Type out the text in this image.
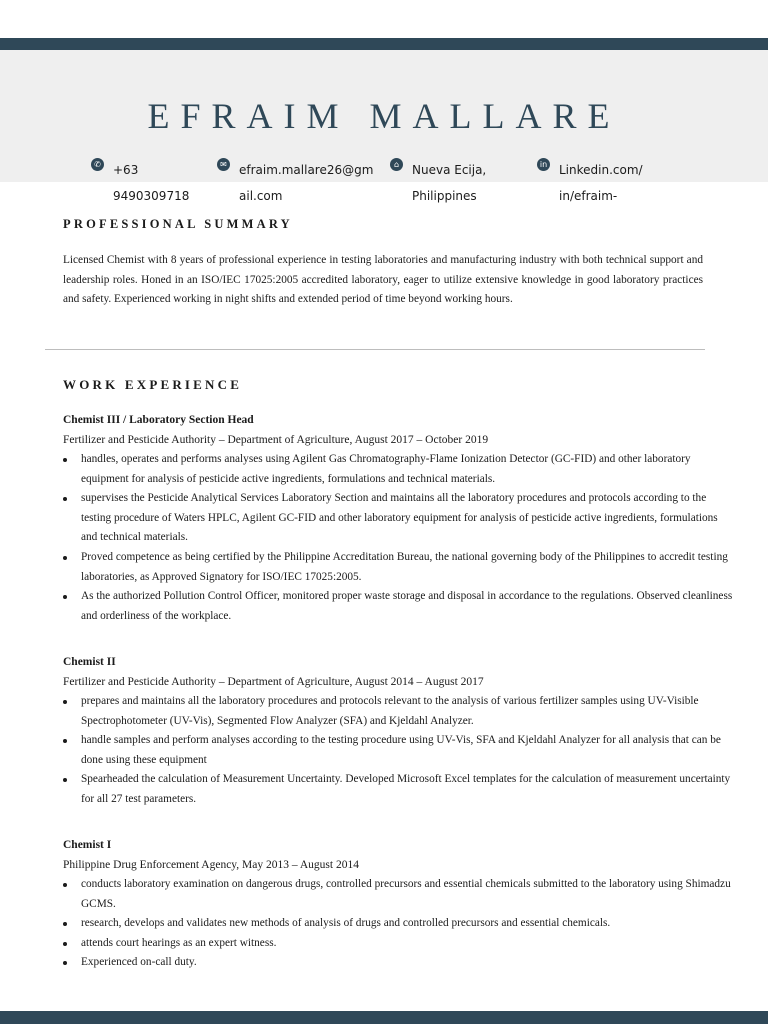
EFRAIM MALLARE
✆ +63
9490309718
✉ efraim.mallare26@gm
ail.com
⌂	Nueva Ecija,
Philippines
in Linkedin.com/
in/efraim-
PROFESSIONAL SUMMARY
Licensed Chemist with 8 years of professional experience in testing laboratories and manufacturing industry with both technical support and leadership roles. Honed in an ISO/IEC 17025:2005 accredited laboratory, eager to utilize extensive knowledge in good laboratory practices and safety. Experienced working in night shifts and extended period of time beyond working hours.
WORK EXPERIENCE
Chemist III / Laboratory Section Head
Fertilizer and Pesticide Authority – Department of Agriculture, August 2017 – October 2019
handles, operates and performs analyses using Agilent Gas Chromatography-Flame Ionization Detector (GC-FID) and other laboratory equipment for analysis of pesticide active ingredients, formulations and technical materials.
supervises the Pesticide Analytical Services Laboratory Section and maintains all the laboratory procedures and protocols according to the testing procedure of Waters HPLC, Agilent GC-FID and other laboratory equipment for analysis of pesticide active ingredients, formulations and technical materials.
Proved competence as being certified by the Philippine Accreditation Bureau, the national governing body of the Philippines to accredit testing laboratories, as Approved Signatory for ISO/IEC 17025:2005.
As the authorized Pollution Control Officer, monitored proper waste storage and disposal in accordance to the regulations. Observed cleanliness and orderliness of the workplace.
Chemist II
Fertilizer and Pesticide Authority – Department of Agriculture, August 2014 – August 2017
prepares and maintains all the laboratory procedures and protocols relevant to the analysis of various fertilizer samples using UV-Visible Spectrophotometer (UV-Vis), Segmented Flow Analyzer (SFA) and Kjeldahl Analyzer.
handle samples and perform analyses according to the testing procedure using UV-Vis, SFA and Kjeldahl Analyzer for all analysis that can be done using these equipment
Spearheaded the calculation of Measurement Uncertainty. Developed Microsoft Excel templates for the calculation of measurement uncertainty for all 27 test parameters.
Chemist I
Philippine Drug Enforcement Agency, May 2013 – August 2014
conducts laboratory examination on dangerous drugs, controlled precursors and essential chemicals submitted to the laboratory using Shimadzu GCMS.
research, develops and validates new methods of analysis of drugs and controlled precursors and essential chemicals.
attends court hearings as an expert witness.
Experienced on-call duty.
